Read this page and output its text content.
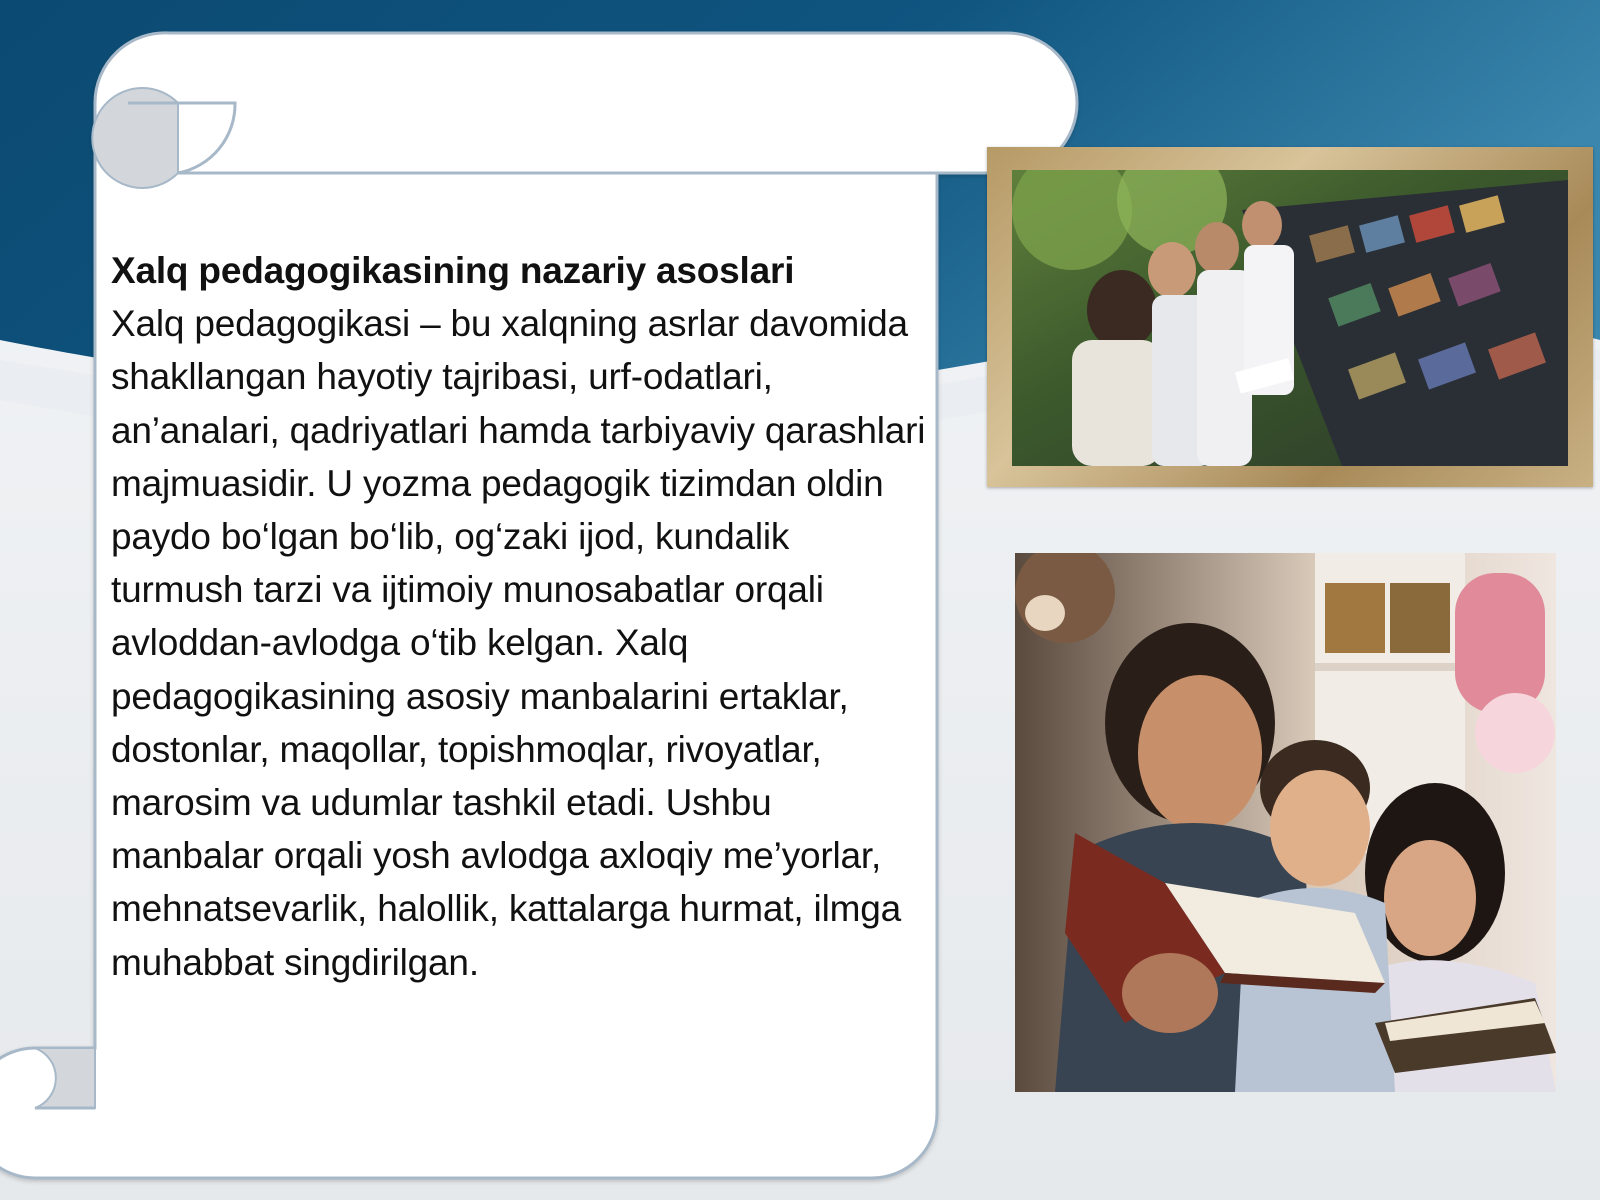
Xalq pedagogikasining nazariy asoslari
Xalq pedagogikasi – bu xalqning asrlar davomida shakllangan hayotiy tajribasi, urf-odatlari, an’analari, qadriyatlari hamda tarbiyaviy qarashlari majmuasidir. U yozma pedagogik tizimdan oldin paydo bo‘lgan bo‘lib, og‘zaki ijod, kundalik turmush tarzi va ijtimoiy munosabatlar orqali avloddan-avlodga o‘tib kelgan. Xalq pedagogikasining asosiy manbalarini ertaklar, dostonlar, maqollar, topishmoqlar, rivoyatlar, marosim va udumlar tashkil etadi. Ushbu manbalar orqali yosh avlodga axloqiy me’yorlar, mehnatsevarlik, halollik, kattalarga hurmat, ilmga muhabbat singdirilgan.
